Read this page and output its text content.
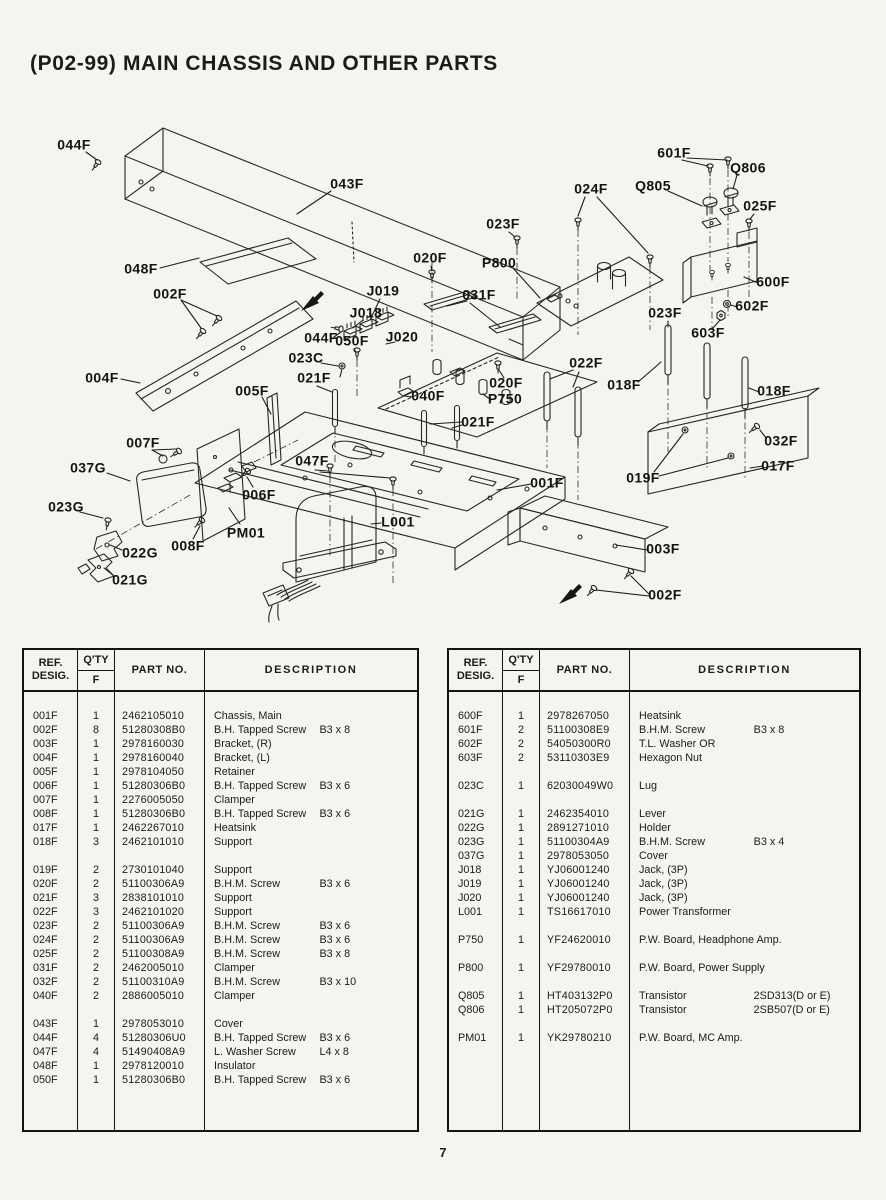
(P02-99) MAIN CHASSIS AND OTHER PARTS
044F
043F
048F
002F
004F
005F
007F
037G
023G
022G
021G
008F
006F
PM01
047F
L001
020F
J019
J018
J020
044F
050F
023C
021F
040F	P750
020F
021F
031F
023F
P800
024F Q805
601F
Q806
025F
600F
602F
023F
603F
022F
018F	018F
032F
017F
019F
001F
003F
002F
REF.
DESIG.
Q'TY
F
PART NO.	DESCRIPTION
001F	1	2462105010	Chassis, Main
002F	8	51280308B0	B.H. Tapped Screw B3 x 8
003F	1	2978160030	Bracket, (R)
004F	1	2978160040	Bracket, (L)
005F	1	2978104050	Retainer
006F	1	51280306B0	B.H. Tapped Screw B3 x 6
007F	1	2276005050	Clamper
008F	1	51280306B0	B.H. Tapped Screw B3 x 6
017F	1	2462267010	Heatsink
018F	3	2462101010	Support
019F	2	2730101040	Support
020F	2	51100306A9	B.H.M. Screw	B3 x 6
021F	3	2838101010	Support
022F	3	2462101020	Support
023F	2	51100306A9	B.H.M. Screw	B3 x 6
024F	2	51100306A9	B.H.M. Screw	B3 x 6
025F	2	51100308A9	B.H.M. Screw	B3 x 8
031F	2	2462005010	Clamper
032F	2	51100310A9	B.H.M. Screw	B3 x 10
040F	2	2886005010	Clamper
043F	1	2978053010	Cover
044F	4	51280306U0	B.H. Tapped Screw B3 x 6
047F	4	51490408A9	L. Washer Screw L4 x 8
048F	1	2978120010	Insulator
050F	1	51280306B0	B.H. Tapped Screw B3 x 6
REF.
DESIG.
Q'TY
F
PART NO.	DESCRIPTION
600F	1	2978267050	Heatsink
601F	2	51100308E9	B.H.M. Screw	B3 x 8
602F	2	54050300R0	T.L. Washer OR
603F	2	53110303E9	Hexagon Nut
023C	1	62030049W0	Lug
021G	1	2462354010	Lever
022G	1	2891271010	Holder
023G	1	51100304A9	B.H.M. Screw	B3 x 4
037G	1	2978053050	Cover
J018	1	YJ06001240	Jack, (3P)
J019	1	YJ06001240	Jack, (3P)
J020	1	YJ06001240	Jack, (3P)
L001	1	TS16617010	Power Transformer
P750	1	YF24620010	P.W. Board, Headphone Amp.
P800	1	YF29780010	P.W. Board, Power Supply
Q805	1	HT403132P0	Transistor	2SD313(D or E)
Q806	1	HT205072P0	Transistor	2SB507(D or E)
PM01	1	YK29780210	P.W. Board, MC Amp.
7
